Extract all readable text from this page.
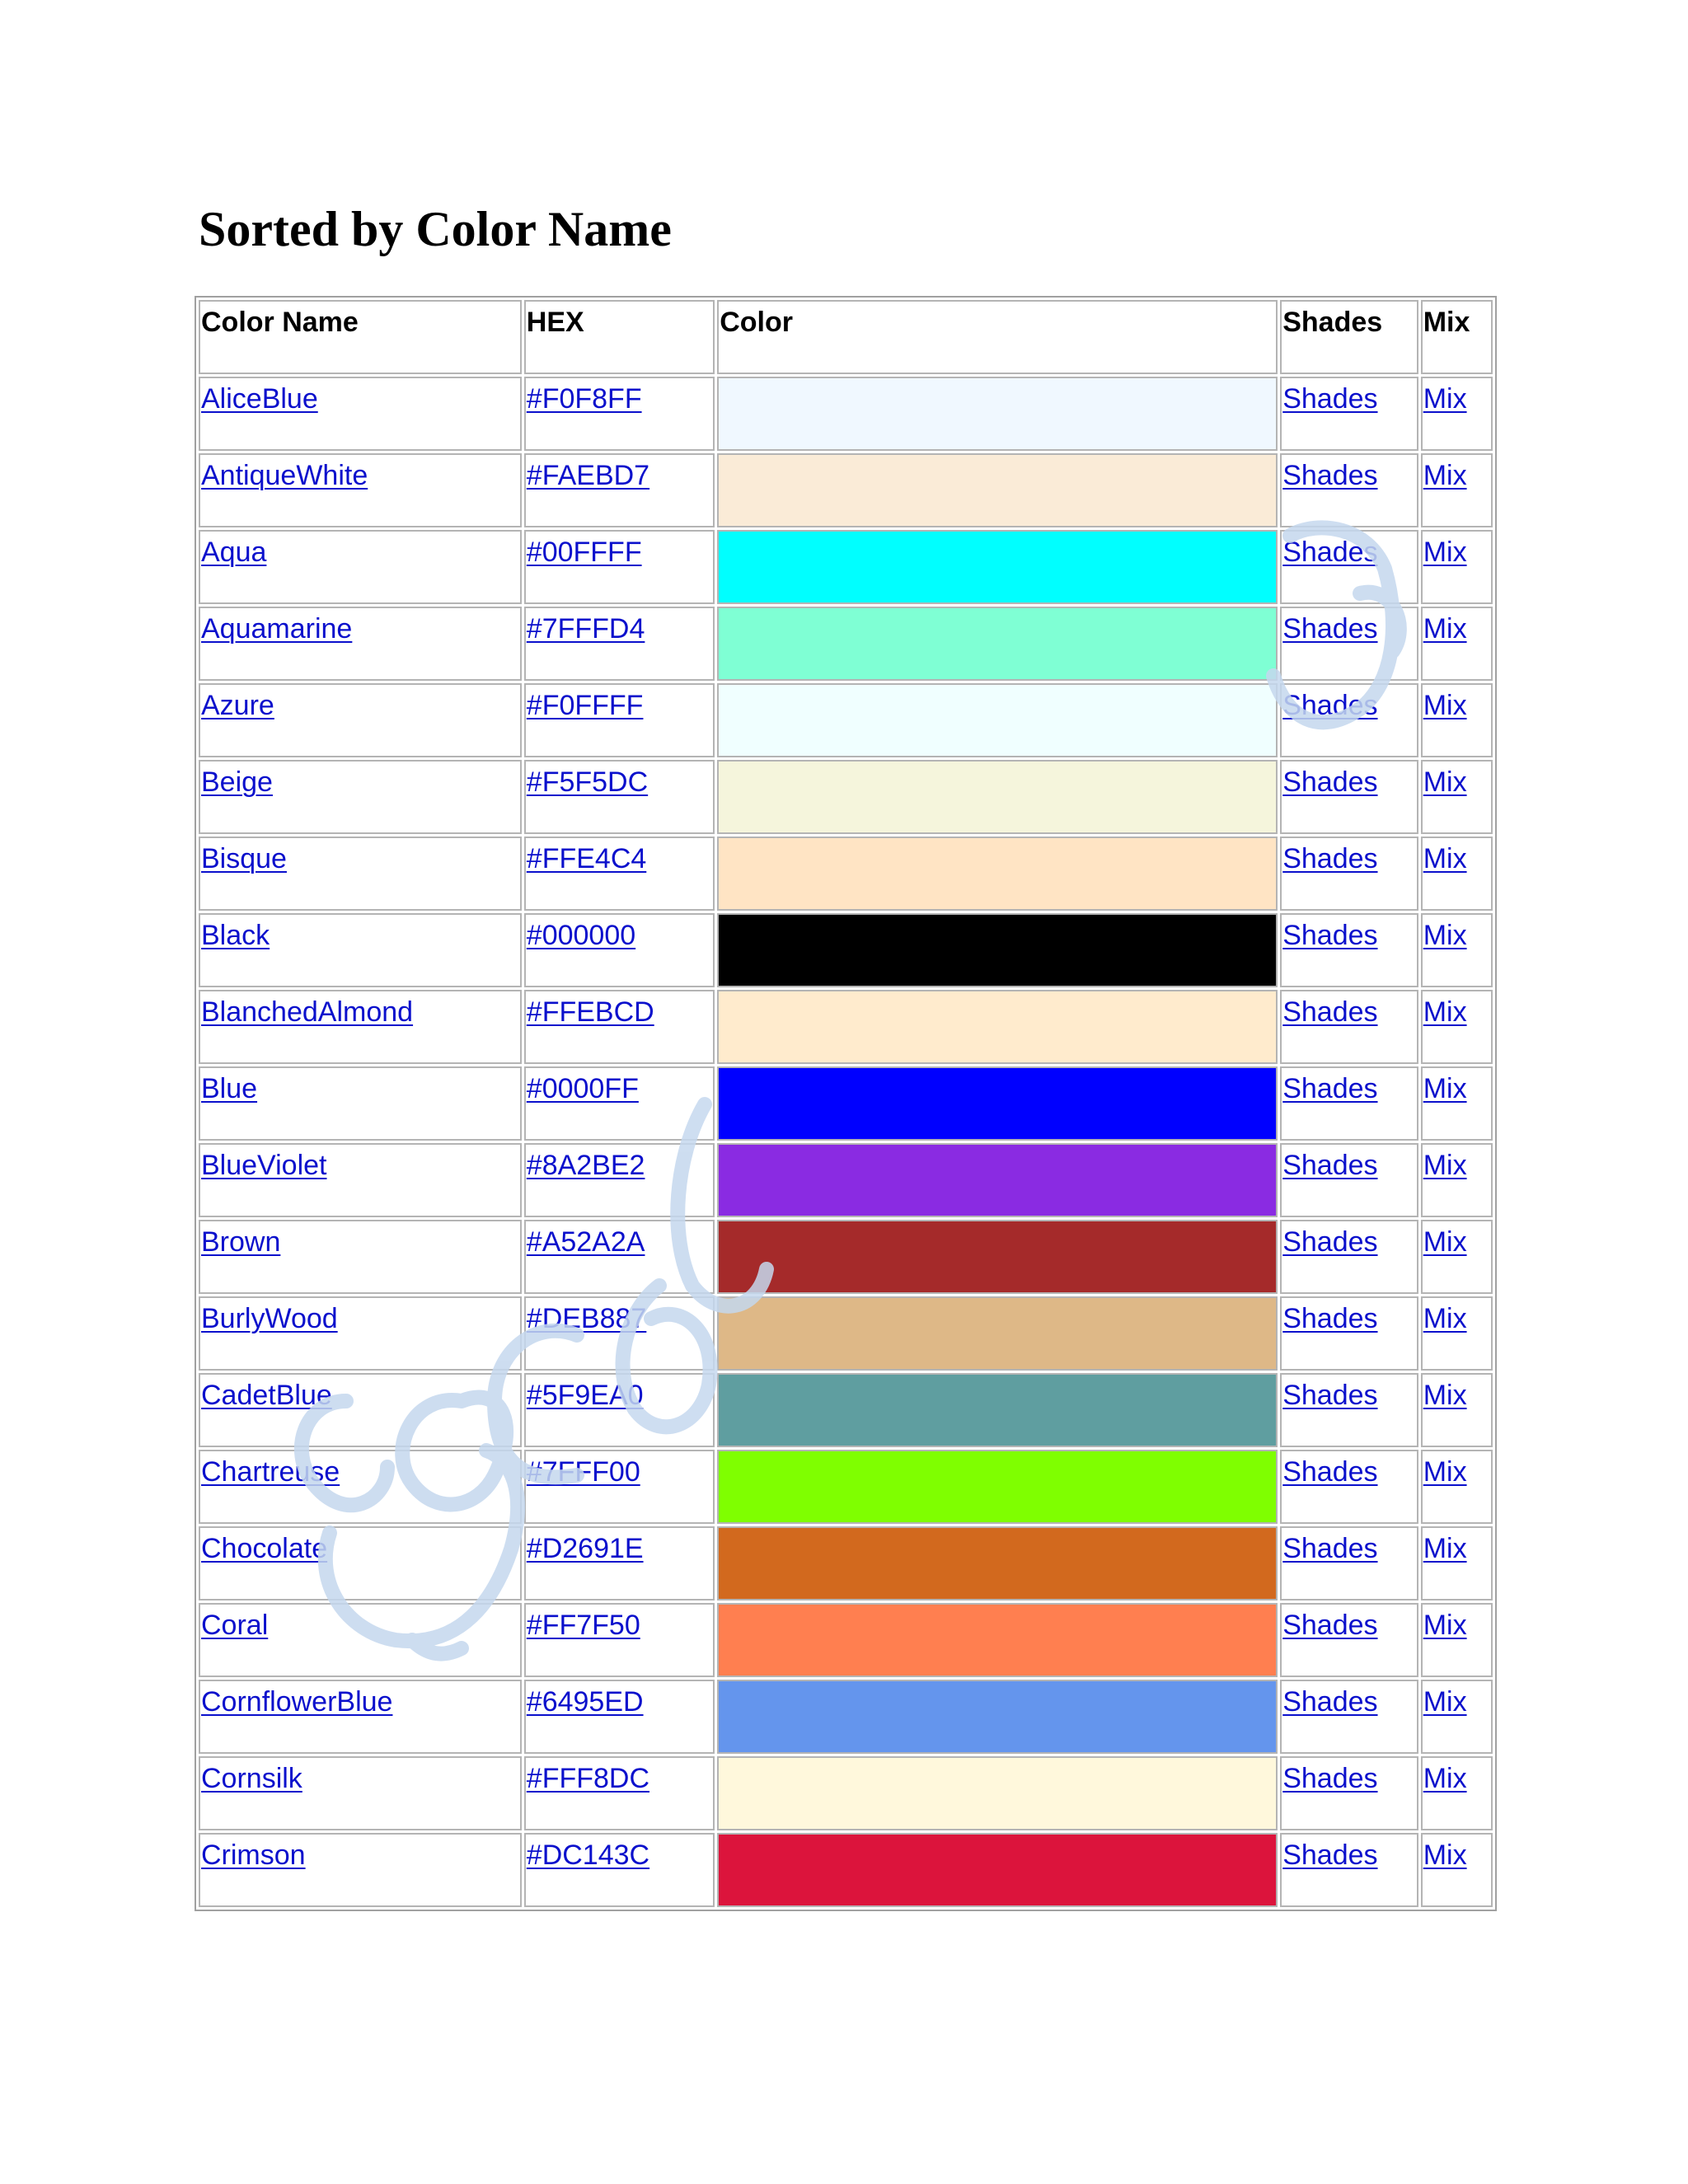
Sorted by Color Name
Color Name	HEX	Color	Shades	Mix
AliceBlue	#F0F8FF		Shades	Mix
AntiqueWhite	#FAEBD7		Shades	Mix
Aqua	#00FFFF		Shades	Mix
Aquamarine	#7FFFD4		Shades	Mix
Azure	#F0FFFF		Shades	Mix
Beige	#F5F5DC		Shades	Mix
Bisque	#FFE4C4		Shades	Mix
Black	#000000		Shades	Mix
BlanchedAlmond	#FFEBCD		Shades	Mix
Blue	#0000FF		Shades	Mix
BlueViolet	#8A2BE2		Shades	Mix
Brown	#A52A2A		Shades	Mix
BurlyWood	#DEB887		Shades	Mix
CadetBlue	#5F9EA0		Shades	Mix
Chartreuse	#7FFF00		Shades	Mix
Chocolate	#D2691E		Shades	Mix
Coral	#FF7F50		Shades	Mix
CornflowerBlue	#6495ED		Shades	Mix
Cornsilk	#FFF8DC		Shades	Mix
Crimson	#DC143C		Shades	Mix
